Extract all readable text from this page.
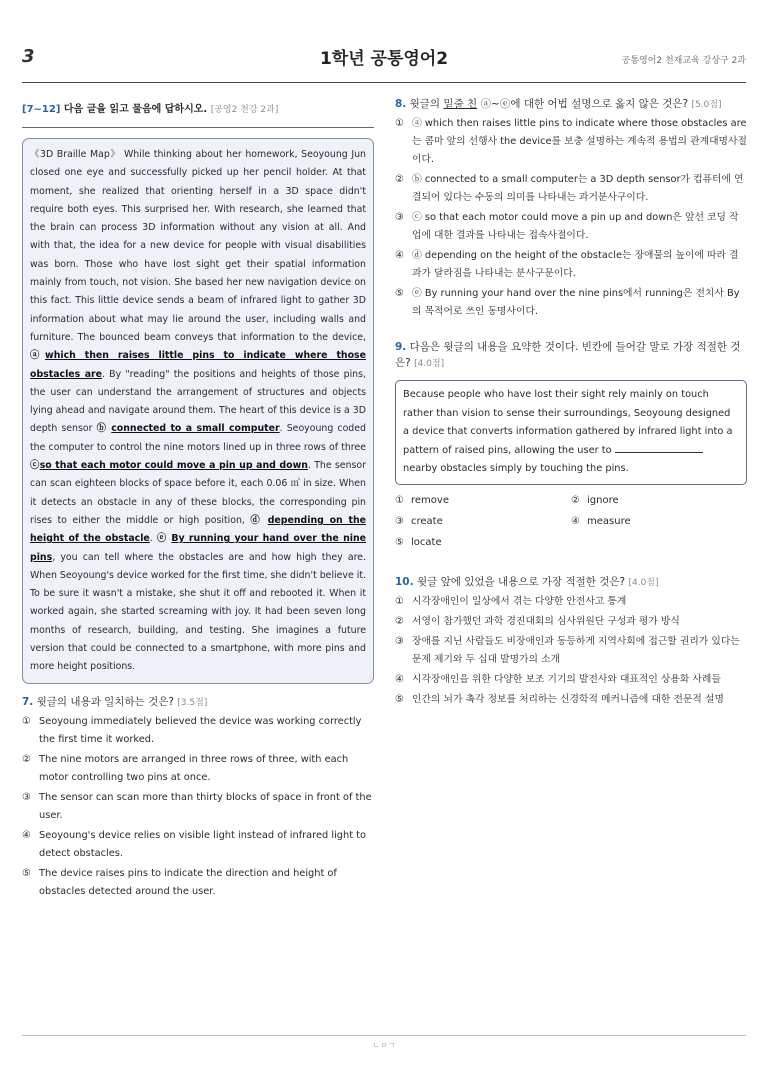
3	1학년 공통영어2	공통영어2 천재교육 강상구 2과
[7~12] 다음 글을 읽고 물음에 답하시오. [공영2 천강 2과]
《3D Braille Map》 While thinking about her homework, Seoyoung Jun closed one eye and successfully picked up her pencil holder. At that moment, she realized that orienting herself in a 3D space didn't require both eyes. This surprised her. With research, she learned that the brain can process 3D information without any vision at all. And with that, the idea for a new device for people with visual disabilities was born. Those who have lost sight get their spatial information mainly from touch, not vision. She based her new navigation device on this fact. This little device sends a beam of infrared light to gather 3D information about what may lie around the user, including walls and furniture. The bounced beam conveys that information to the device, ⓐwhich then raises little pins to indicate where those obstacles are. By "reading" the positions and heights of those pins, the user can understand the arrangement of structures and objects lying ahead and navigate around them. The heart of this device is a 3D depth sensor ⓑ connected to a small computer. Seoyoung coded the computer to control the nine motors lined up in three rows of three ⓒso that each motor could move a pin up and down. The sensor can scan eighteen blocks of space before it, each 0.06 ㎥ in size. When it detects an obstacle in any of these blocks, the corresponding pin rises to either the middle or high position, ⓓ depending on the height of the obstacle. ⓔ By running your hand over the nine pins, you can tell where the obstacles are and how high they are. When Seoyoung's device worked for the first time, she didn't believe it. To be sure it wasn't a mistake, she shut it off and rebooted it. When it worked again, she started screaming with joy. It had been seven long months of research, building, and testing. She imagines a future version that could be connected to a smartphone, with more pins and more height positions.
7. 윗글의 내용과 일치하는 것은? [3.5점]
① Seoyoung immediately believed the device was working correctly the first time it worked.
② The nine motors are arranged in three rows of three, with each motor controlling two pins at once.
③ The sensor can scan more than thirty blocks of space in front of the user.
④ Seoyoung's device relies on visible light instead of infrared light to detect obstacles.
⑤ The device raises pins to indicate the direction and height of obstacles detected around the user.
8. 윗글의 밑줄 친 ⓐ~ⓔ에 대한 어법 설명으로 옳지 않은 것은? [5.0점]
① ⓐ which then raises little pins to indicate where those obstacles are는 콤마 앞의 선행사 the device를 보충 설명하는 계속적 용법의 관계대명사절이다.
② ⓑ connected to a small computer는 a 3D depth sensor가 컴퓨터에 연결되어 있다는 수동의 의미를 나타내는 과거분사구이다.
③ ⓒ so that each motor could move a pin up and down은 앞선 코딩 작업에 대한 결과를 나타내는 접속사절이다.
④ ⓓ depending on the height of the obstacle는 장애물의 높이에 따라 결과가 달라짐을 나타내는 분사구문이다.
⑤ ⓔ By running your hand over the nine pins에서 running은 전치사 By의 목적어로 쓰인 동명사이다.
9. 다음은 윗글의 내용을 요약한 것이다. 빈칸에 들어갈 말로 가장 적절한 것은? [4.0점]
Because people who have lost their sight rely mainly on touch rather than vision to sense their surroundings, Seoyoung designed a device that converts information gathered by infrared light into a pattern of raised pins, allowing the user to  nearby obstacles simply by touching the pins.
① remove	② ignore
③ create	④ measure
⑤ locate
10. 윗글 앞에 있었을 내용으로 가장 적절한 것은? [4.0점]
① 시각장애인이 일상에서 겪는 다양한 안전사고 통계
② 서영이 참가했던 과학 경진대회의 심사위원단 구성과 평가 방식
③ 장애를 지닌 사람들도 비장애인과 동등하게 지역사회에 접근할 권리가 있다는 문제 제기와 두 십대 발명가의 소개
④ 시각장애인을 위한 다양한 보조 기기의 발전사와 대표적인 상용화 사례들
⑤ 인간의 뇌가 촉각 정보를 처리하는 신경학적 메커니즘에 대한 전문적 설명
ㄴㅇㄱ
